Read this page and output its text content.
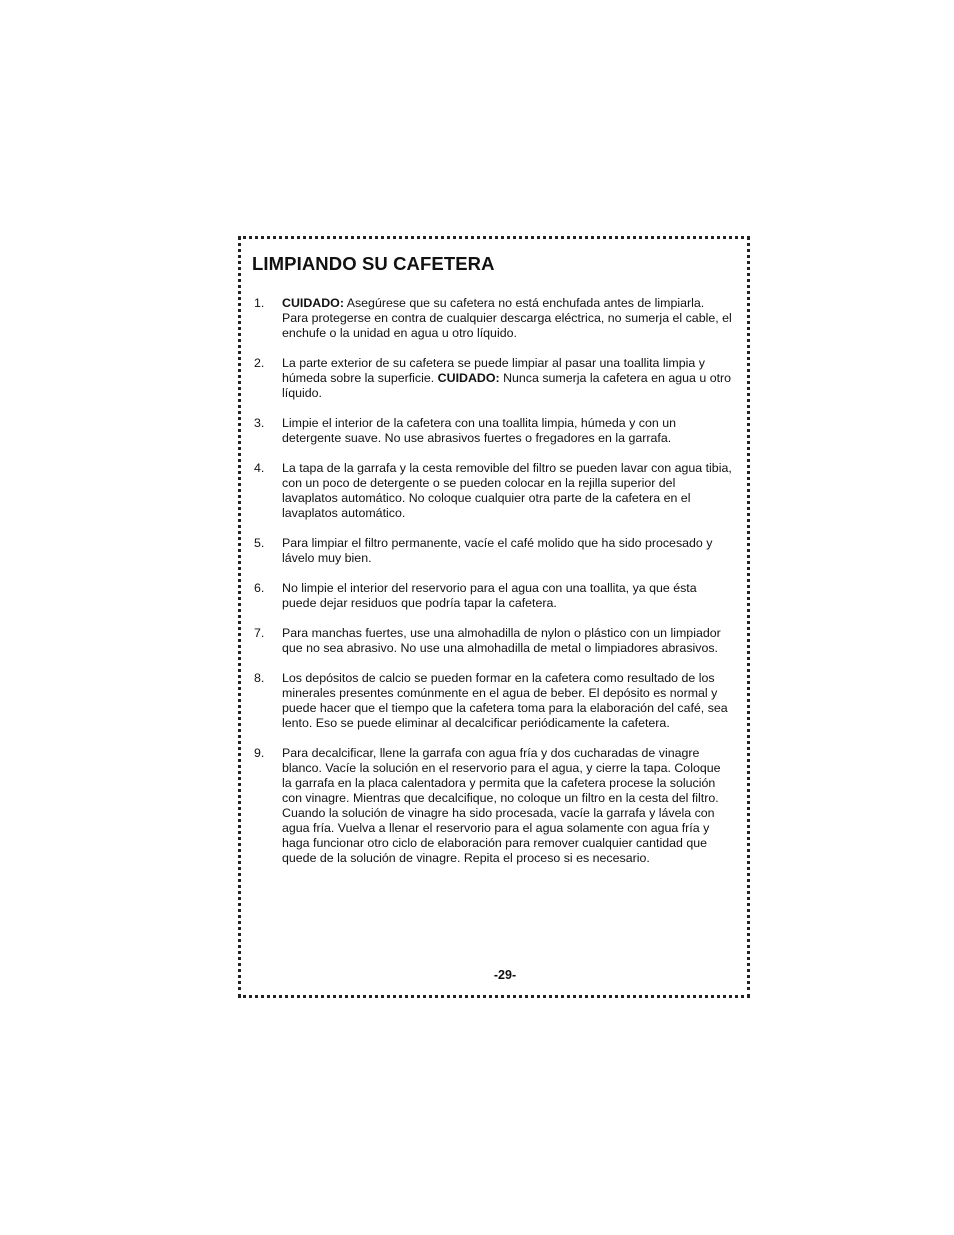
LIMPIANDO SU CAFETERA
1.	CUIDADO: Asegúrese que su cafetera no está enchufada antes de limpiarla. Para protegerse en contra de cualquier descarga eléctrica, no sumerja el cable, el enchufe o la unidad en agua u otro líquido.
2.	La parte exterior de su cafetera se puede limpiar al pasar una toallita limpia y húmeda sobre la superficie. CUIDADO: Nunca sumerja la cafetera en agua u otro líquido.
3.	Limpie el interior de la cafetera con una toallita limpia, húmeda y con un detergente suave. No use abrasivos fuertes o fregadores en la garrafa.
4.	La tapa de la garrafa y la cesta removible del filtro se pueden lavar con agua tibia, con un poco de detergente o se pueden colocar en la rejilla superior del lavaplatos automático. No coloque cualquier otra parte de la cafetera en el lavaplatos automático.
5.	Para limpiar el filtro permanente, vacíe el café molido que ha sido procesado y lávelo muy bien.
6.	No limpie el interior del reservorio para el agua con una toallita, ya que ésta puede dejar residuos que podría tapar la cafetera.
7.	Para manchas fuertes, use una almohadilla de nylon o plástico con un limpiador que no sea abrasivo. No use una almohadilla de metal o limpiadores abrasivos.
8.	Los depósitos de calcio se pueden formar en la cafetera como resultado de los minerales presentes comúnmente en el agua de beber. El depósito es normal y puede hacer que el tiempo que la cafetera toma para la elaboración del café, sea lento. Eso se puede eliminar al decalcificar periódicamente la cafetera.
9.	Para decalcificar, llene la garrafa con agua fría y dos cucharadas de vinagre blanco. Vacíe la solución en el reservorio para el agua, y cierre la tapa. Coloque la garrafa en la placa calentadora y permita que la cafetera procese la solución con vinagre. Mientras que decalcifique, no coloque un filtro en la cesta del filtro. Cuando la solución de vinagre ha sido procesada, vacíe la garrafa y lávela con agua fría. Vuelva a llenar el reservorio para el agua solamente con agua fría y haga funcionar otro ciclo de elaboración para remover cualquier cantidad que quede de la solución de vinagre. Repita el proceso si es necesario.
-29-
